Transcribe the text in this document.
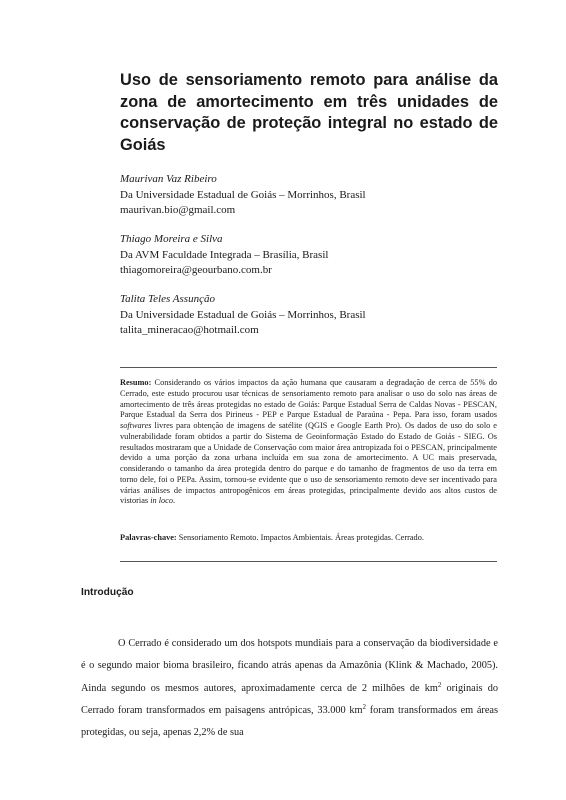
Uso de sensoriamento remoto para análise da zona de amortecimento em três unidades de conservação de proteção integral no estado de Goiás
Maurivan Vaz Ribeiro
Da Universidade Estadual de Goiás – Morrinhos, Brasil
maurivan.bio@gmail.com
Thiago Moreira e Silva
Da AVM Faculdade Integrada – Brasília, Brasil
thiagomoreira@geourbano.com.br
Talita Teles Assunção
Da Universidade Estadual de Goiás – Morrinhos, Brasil
talita_mineracao@hotmail.com
Resumo: Considerando os vários impactos da ação humana que causaram a degradação de cerca de 55% do Cerrado, este estudo procurou usar técnicas de sensoriamento remoto para analisar o uso do solo nas áreas de amortecimento de três áreas protegidas no estado de Goiás: Parque Estadual Serra de Caldas Novas - PESCAN, Parque Estadual da Serra dos Pirineus - PEP e Parque Estadual de Paraúna - Pepa. Para isso, foram usados softwares livres para obtenção de imagens de satélite (QGIS e Google Earth Pro). Os dados de uso do solo e vulnerabilidade foram obtidos a partir do Sistema de Geoinformação Estado do Estado de Goiás - SIEG. Os resultados mostraram que a Unidade de Conservação com maior área antropizada foi o PESCAN, principalmente devido a uma porção da zona urbana incluída em sua zona de amortecimento. A UC mais preservada, considerando o tamanho da área protegida dentro do parque e do tamanho de fragmentos de uso da terra em torno dele, foi o PEPa. Assim, tornou-se evidente que o uso de sensoriamento remoto deve ser incentivado para várias análises de impactos antropogênicos em áreas protegidas, principalmente devido aos altos custos de vistorias in loco.
Palavras-chave: Sensoriamento Remoto. Impactos Ambientais. Áreas protegidas. Cerrado.
Introdução
O Cerrado é considerado um dos hotspots mundiais para a conservação da biodiversidade e é o segundo maior bioma brasileiro, ficando atrás apenas da Amazônia (Klink & Machado, 2005). Ainda segundo os mesmos autores, aproximadamente cerca de 2 milhões de $km^2$ originais do Cerrado foram transformados em paisagens antrópicas, 33.000 $km^2$ foram transformados em áreas protegidas, ou seja, apenas 2,2% de sua
